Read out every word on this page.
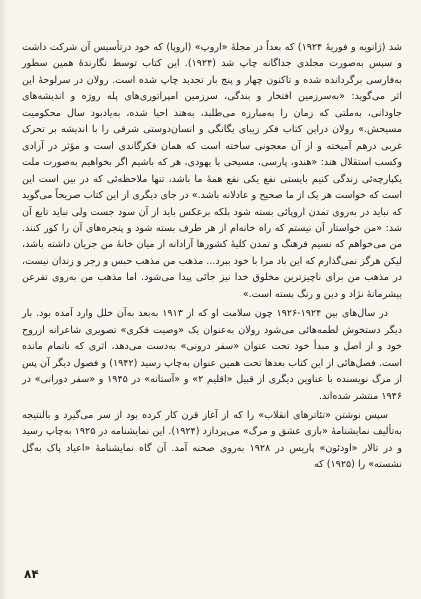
شد (ژانویه و فوریهٔ ۱۹۲۴) که بعداً در مجلهٔ «اروپ» (اروپا) که خود درتأسیس آن شرکت داشت و سپس به‌صورت مجلدی جداگانه چاپ شد (۱۹۲۴). این کتاب توسط نگارندهٔ همین سطور به‌فارسی برگردانده شده و تاکنون چهار و پنج بار تجدید چاپ شده است. رولان در سرلوحهٔ این اثر می‌گوید: «بەسرزمین افتخار و بندگی، سرزمین امپراتوری‌های پله روژه و اندیشه‌های جاودانی، به‌ملتی که زمان را به‌مبارزه می‌طلبد، به‌هند احیا شده، به‌یادبود سال محکومیت مسیحش.» رولان دراین کتاب فکر زیبای یگانگی و انسان‌دوستی شرقی را با اندیشه بر تحرک غربی درهم آمیخته و از آن معجونی ساخته است که همان فکرگاندی است و مؤثر در آزادی وکسب استقلال هند: «هندو، پارسی، مسیحی یا یهودی، هر که باشیم اگر بخواهیم به‌صورت ملت یکپارچه‌ئی زندگی کنیم بایستی نفع یکی نفع همهٔ ما باشد، تنها ملاحظه‌ئی که در بین است این است که خواست هر یک از ما صحیح و عادلانه باشد.» در جای دیگری از این کتاب صریحاً می‌گوید که نباید در به‌روی تمدن اروپائی بسته شود بلکه برعکس باید از آن سود جست ولی نباید تابع آن شد: «من خواستار آن نیستم که راه خانه‌ام از هر طرف بسته شود و پنجره‌های آن را کور کنند. من می‌خواهم که نسیم فرهنگ و تمدن کلیهٔ کشورها آزادانه از میان خانهٔ من جریان داشته باشد، لیکن هرگز نمی‌گذارم که این باد مرا با خود ببرد... مذهب من مذهب حبس و زجر و زندان نیست، در مذهب من برای ناچیزترین مخلوق خدا نیز جائی پیدا می‌شود. اما مذهب من به‌روی تفرعن بیشرمانهٔ نژاد و دین و رنگ بسته است.»

در سال‌های بین ۱۹۲۴-۱۹۲۶ چون سلامت او که از ۱۹۱۳ بەبعد به‌آن خلل وارد آمده بود. بار دیگر دستخوش لطمه‌هائی می‌شود رولان به‌عنوان یک «وصیت فکری» تصویری شاعرانه ازروح خود و از اصل و مبدأ خود تحت عنوان «سفر درونی» به‌دست می‌دهد، اثری که ناتمام مانده است. فصل‌هائی از این کتاب بعدها تحت همین عنوان به‌چاپ رسید (۱۹۴۲) و فصول دیگر آن پس از مرگ نویسنده با عناوین دیگری از قبیل «اقلیم ۲» و «آستانه» در ۱۹۴۵ و «سفر دورانی» در ۱۹۴۶ منتشر شده‌اند.

سپس نوشتن «تئاترهای انقلاب» را که از آغاز قرن کار کرده بود از سر می‌گیرد و بالنتیجه به‌تألیف نمایشنامهٔ «بازی عشق و مرگ» می‌پردازد (۱۹۲۴). این نمایشنامه در ۱۹۲۵ به‌چاپ رسید و در تالار «اودئون» پاریس در ۱۹۲۸ به‌روی صحنه آمد. آن گاه نمایشنامهٔ «اعیاد پاک به‌گل نشسته» را (۱۹۲۵) که

۸۴
